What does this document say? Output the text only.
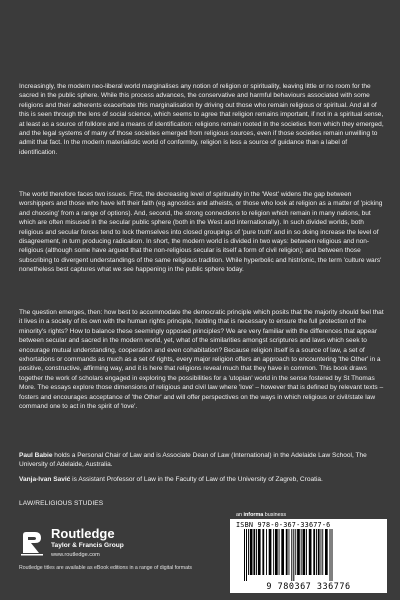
Increasingly, the modern neo-liberal world marginalises any notion of religion or spirituality, leaving little or no room for the sacred in the public sphere. While this process advances, the conservative and harmful behaviours associated with some religions and their adherents exacerbate this marginalisation by driving out those who remain religious or spiritual. And all of this is seen through the lens of social science, which seems to agree that religion remains important, if not in a spiritual sense, at least as a source of folklore and a means of identification: religions remain rooted in the societies from which they emerged, and the legal systems of many of those societies emerged from religious sources, even if those societies remain unwilling to admit that fact. In the modern materialistic world of conformity, religion is less a source of guidance than a label of identification.

The world therefore faces two issues. First, the decreasing level of spirituality in the 'West' widens the gap between worshippers and those who have left their faith (eg agnostics and atheists, or those who look at religion as a matter of 'picking and choosing' from a range of options). And, second, the strong connections to religion which remain in many nations, but which are often misused in the secular public sphere (both in the West and internationally). In such divided worlds, both religious and secular forces tend to lock themselves into closed groupings of 'pure truth' and in so doing increase the level of disagreement, in turn producing radicalism. In short, the modern world is divided in two ways: between religious and non-religious (although some have argued that the non-religious secular is itself a form of civil religion); and between those subscribing to divergent understandings of the same religious tradition. While hyperbolic and histrionic, the term 'culture wars' nonetheless best captures what we see happening in the public sphere today.

The question emerges, then: how best to accommodate the democratic principle which posits that the majority should feel that it lives in a society of its own with the human rights principle, holding that is necessary to ensure the full protection of the minority's rights? How to balance these seemingly opposed principles? We are very familiar with the differences that appear between secular and sacred in the modern world, yet, what of the similarities amongst scriptures and laws which seek to encourage mutual understanding, cooperation and even cohabitation? Because religion itself is a source of law, a set of exhortations or commands as much as a set of rights, every major religion offers an approach to encountering 'the Other' in a positive, constructive, affirming way, and it is here that religions reveal much that they have in common. This book draws together the work of scholars engaged in exploring the possibilities for a 'utopian' world in the sense fostered by St Thomas More. The essays explore those dimensions of religious and civil law where 'love' – however that is defined by relevant texts – fosters and encourages acceptance of 'the Other' and will offer perspectives on the ways in which religious or civil/state law command one to act in the spirit of 'love'.

Paul Babie holds a Personal Chair of Law and is Associate Dean of Law (International) in the Adelaide Law School, The University of Adelaide, Australia.
Vanja-Ivan Savić is Assistant Professor of Law in the Faculty of Law of the University of Zagreb, Croatia.
LAW/RELIGIOUS STUDIES
Routledge
Taylor & Francis Group
www.routledge.com
Routledge titles are available as eBook editions in a range of digital formats
an informa business
ISBN 978-0-367-33677-6
9 780367 336776
